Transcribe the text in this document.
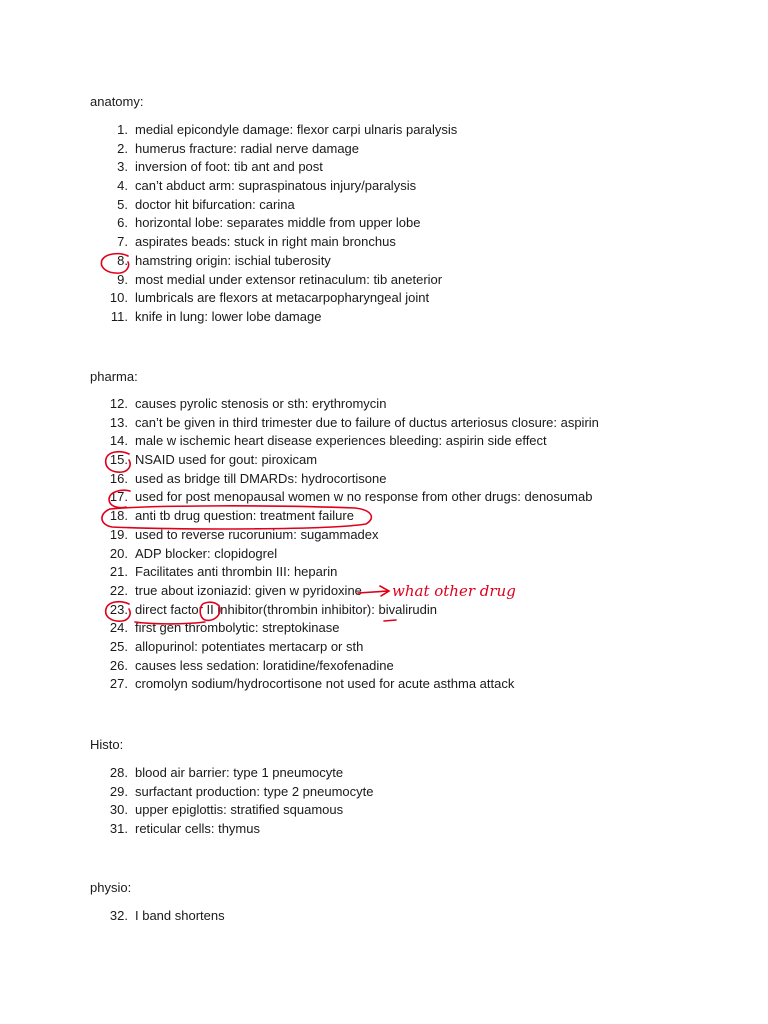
anatomy:
pharma:
Histo:
physio:
1. medial epicondyle damage: flexor carpi ulnaris paralysis
2. humerus fracture: radial nerve damage
3. inversion of foot: tib ant and post
4. can’t abduct arm: supraspinatous injury/paralysis
5. doctor hit bifurcation: carina
6. horizontal lobe: separates middle from upper lobe
7. aspirates beads: stuck in right main bronchus
8. hamstring origin: ischial tuberosity
9. most medial under extensor retinaculum: tib aneterior
10. lumbricals are flexors at metacarpopharyngeal joint
11. knife in lung: lower lobe damage
12. causes pyrolic stenosis or sth: erythromycin
13. can’t be given in third trimester due to failure of ductus arteriosus closure: aspirin
14. male w ischemic heart disease experiences bleeding: aspirin side effect
15. NSAID used for gout: piroxicam
16. used as bridge till DMARDs: hydrocortisone
17. used for post menopausal women w no response from other drugs: denosumab
18. anti tb drug question: treatment failure
19. used to reverse rucorunium: sugammadex
20. ADP blocker: clopidogrel
21. Facilitates anti thrombin III: heparin
22. true about izoniazid: given w pyridoxine
23. direct factor II inhibitor(thrombin inhibitor): bivalirudin
24. first gen thrombolytic: streptokinase
25. allopurinol: potentiates mertacarp or sth
26. causes less sedation: loratidine/fexofenadine
27. cromolyn sodium/hydrocortisone not used for acute asthma attack
28. blood air barrier: type 1 pneumocyte
29. surfactant production: type 2 pneumocyte
30. upper epiglottis: stratified squamous
31. reticular cells: thymus
32. I band shortens
what other drug
